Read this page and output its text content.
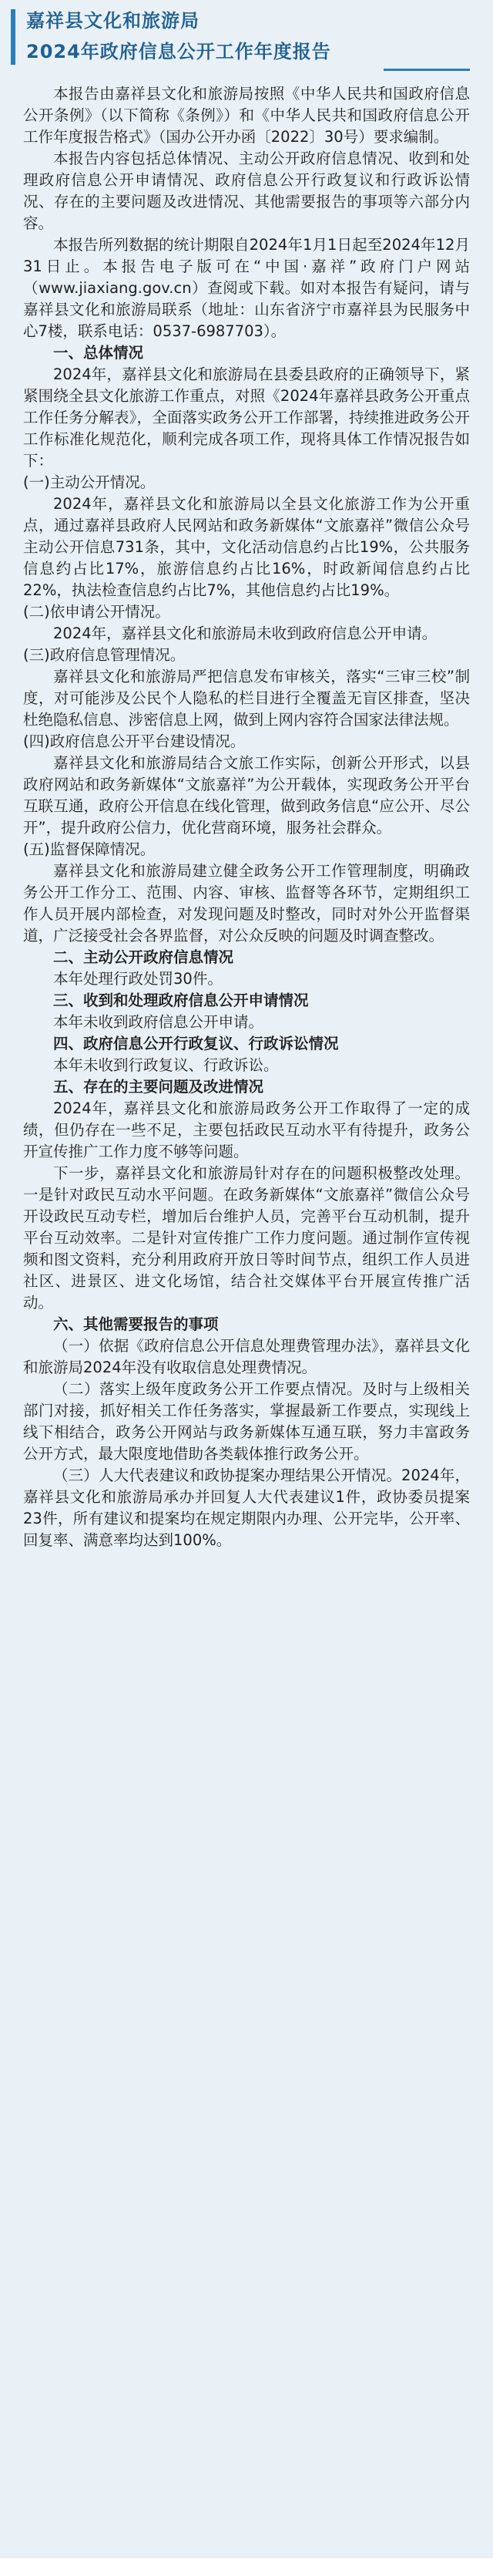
嘉祥县文化和旅游局
2024年政府信息公开工作年度报告

本报告由嘉祥县文化和旅游局按照《中华人民共和国政府信息公开条例》（以下简称《条例》）和《中华人民共和国政府信息公开工作年度报告格式》（国办公开办函〔2022〕30号）要求编制。

本报告内容包括总体情况、主动公开政府信息情况、收到和处理政府信息公开申请情况、政府信息公开行政复议和行政诉讼情况、存在的主要问题及改进情况、其他需要报告的事项等六部分内容。

本报告所列数据的统计期限自2024年1月1日起至2024年12月31日止。本报告电子版可在“中国·嘉祥”政府门户网站（www.jiaxiang.gov.cn）查阅或下载。如对本报告有疑问，请与嘉祥县文化和旅游局联系（地址：山东省济宁市嘉祥县为民服务中心7楼，联系电话：0537-6987703）。

一、总体情况

2024年，嘉祥县文化和旅游局在县委县政府的正确领导下，紧紧围绕全县文化旅游工作重点，对照《2024年嘉祥县政务公开重点工作任务分解表》，全面落实政务公开工作部署，持续推进政务公开工作标准化规范化，顺利完成各项工作，现将具体工作情况报告如下：

(一)主动公开情况。

2024年，嘉祥县文化和旅游局以全县文化旅游工作为公开重点，通过嘉祥县政府人民网站和政务新媒体“文旅嘉祥”微信公众号主动公开信息731条，其中，文化活动信息约占比19%，公共服务信息约占比17%，旅游信息约占比16%，时政新闻信息约占比22%，执法检查信息约占比7%，其他信息约占比19%。

(二)依申请公开情况。

2024年，嘉祥县文化和旅游局未收到政府信息公开申请。

(三)政府信息管理情况。

嘉祥县文化和旅游局严把信息发布审核关，落实“三审三校”制度，对可能涉及公民个人隐私的栏目进行全覆盖无盲区排查，坚决杜绝隐私信息、涉密信息上网，做到上网内容符合国家法律法规。

(四)政府信息公开平台建设情况。

嘉祥县文化和旅游局结合文旅工作实际，创新公开形式，以县政府网站和政务新媒体“文旅嘉祥”为公开载体，实现政务公开平台互联互通，政府公开信息在线化管理，做到政务信息“应公开、尽公开”，提升政府公信力，优化营商环境，服务社会群众。

(五)监督保障情况。

嘉祥县文化和旅游局建立健全政务公开工作管理制度，明确政务公开工作分工、范围、内容、审核、监督等各环节，定期组织工作人员开展内部检查，对发现问题及时整改，同时对外公开监督渠道，广泛接受社会各界监督，对公众反映的问题及时调查整改。

二、主动公开政府信息情况

本年处理行政处罚30件。

三、收到和处理政府信息公开申请情况

本年未收到政府信息公开申请。

四、政府信息公开行政复议、行政诉讼情况

本年未收到行政复议、行政诉讼。

五、存在的主要问题及改进情况

2024年，嘉祥县文化和旅游局政务公开工作取得了一定的成绩，但仍存在一些不足，主要包括政民互动水平有待提升，政务公开宣传推广工作力度不够等问题。

下一步，嘉祥县文化和旅游局针对存在的问题积极整改处理。一是针对政民互动水平问题。在政务新媒体“文旅嘉祥”微信公众号开设政民互动专栏，增加后台维护人员，完善平台互动机制，提升平台互动效率。二是针对宣传推广工作力度问题。通过制作宣传视频和图文资料，充分利用政府开放日等时间节点，组织工作人员进社区、进景区、进文化场馆，结合社交媒体平台开展宣传推广活动。

六、其他需要报告的事项

（一）依据《政府信息公开信息处理费管理办法》，嘉祥县文化和旅游局2024年没有收取信息处理费情况。

（二）落实上级年度政务公开工作要点情况。及时与上级相关部门对接，抓好相关工作任务落实，掌握最新工作要点，实现线上线下相结合，政务公开网站与政务新媒体互通互联，努力丰富政务公开方式，最大限度地借助各类载体推行政务公开。

（三）人大代表建议和政协提案办理结果公开情况。2024年，嘉祥县文化和旅游局承办并回复人大代表建议1件，政协委员提案23件，所有建议和提案均在规定期限内办理、公开完毕，公开率、回复率、满意率均达到100%。
